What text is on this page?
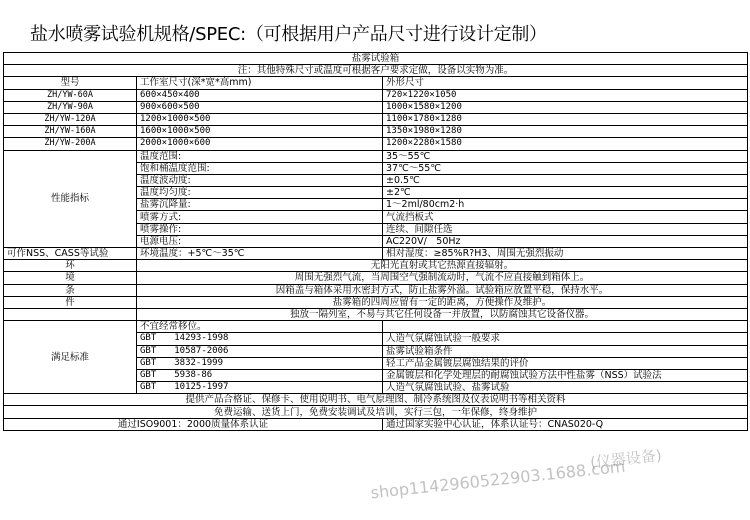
盐水喷雾试验机规格/SPEC:（可根据用户产品尺寸进行设计定制）
盐雾试验箱		
注：其他特殊尺寸或温度可根据客户要求定做，设备以实物为准。		
型号	工作室尺寸(深*宽*高mm)	外形尺寸
ZH/YW-60A	600×450×400	720×1220×1050
ZH/YW-90A	900×600×500	1000×1580×1200
ZH/YW-120A	1200×1000×500	1100×1780×1280
ZH/YW-160A	1600×1000×500	1350×1980×1280
ZH/YW-200A	2000×1000×600	1200×2280×1580
性能指标	温度范围:	35～55℃
	饱和桶温度范围:	37℃～55℃
	温度波动度:	±0.5℃
	温度均匀度:	±2℃
	盐雾沉降量:	1～2ml/80cm2·h
	喷雾方式:	气流挡板式
	喷雾操作:	连续、间隙任选
	电源电压:	AC220V/　50Hz
可作NSS、CASS等试验	环境温度：+5℃～35℃	相对湿度：≥85%R?H3、周围无强烈振动
环	无阳光直射或其它热源直接辐射。	
境	周围无强烈气流，当周围空气强制流动时，气流不应直接触到箱体上。	
条	因箱盖与箱体采用水密封方式，防止盐雾外溢。试验箱应放置平稳，保持水平。	
件	盐雾箱的四周应留有一定的距离，方便操作及维护。	
	独放一隔列室，不易与其它任何设备一并放置，以防腐蚀其它设备仪器。	
满足标准	不宜经常移位。	
	GBT　　14293-1998	人造气氛腐蚀试验一般要求
	GBT　　10587-2006	盐雾试验箱条件
	GBT　　3832-1999	轻工产品金属镀层腐蚀结果的评价
	GBT　　5938-86	金属镀层和化学处理层的耐腐蚀试验方法中性盐雾（NSS）试验法
	GBT　　10125-1997	人造气氛腐蚀试验、盐雾试验
提供产品合格证、保修卡、使用说明书、电气原理图、制冷系统图及仪表说明书等相关资料		
免费运输、送货上门，免费安装调试及培训，实行三包，一年保修，终身维护		
通过ISO9001：2000质量体系认证		通过国家实验中心认证，体系认证号：CNAS020-Q
shop1142960522903.1688.com
(仪器设备)
